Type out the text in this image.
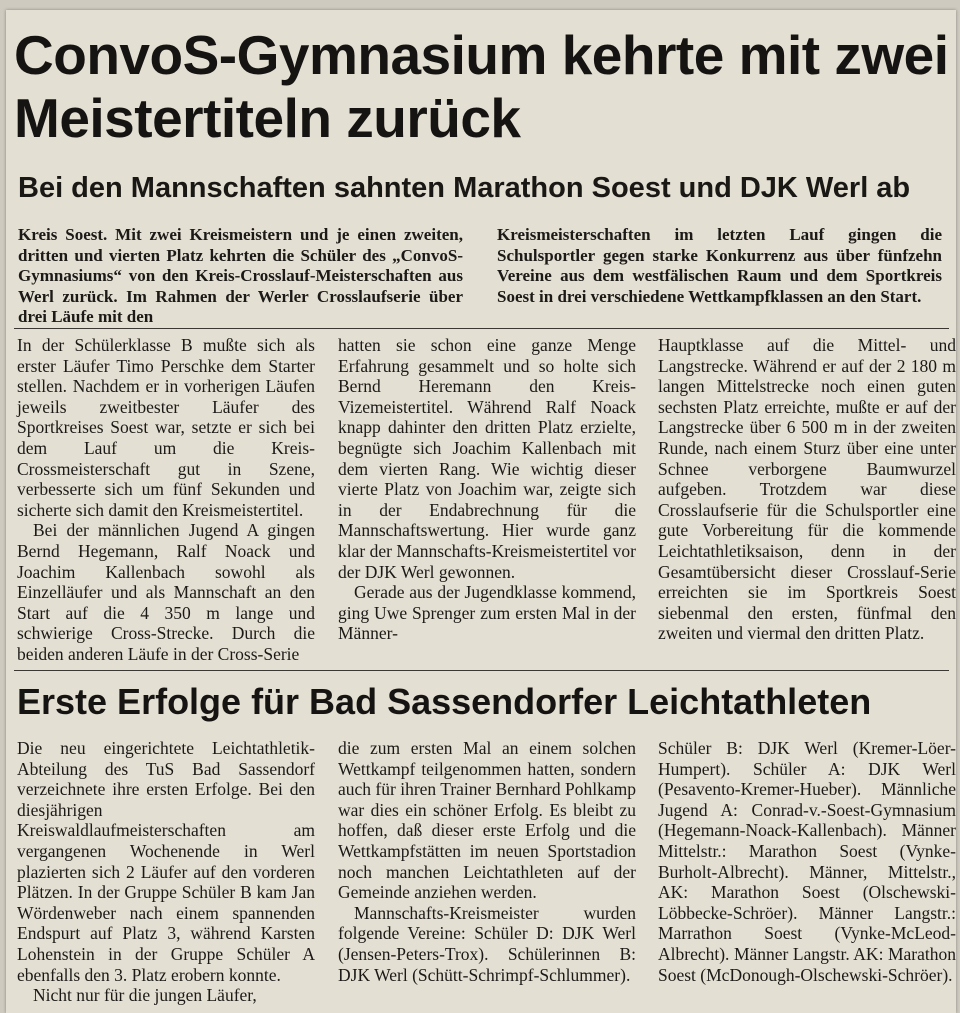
ConvoS-Gymnasium kehrte mit zwei Meistertiteln zurück
Bei den Mannschaften sahnten Marathon Soest und DJK Werl ab

Kreis Soest. Mit zwei Kreismeistern und je einen zweiten, dritten und vierten Platz kehrten die Schüler des „ConvoS-Gymnasiums“ von den Kreis-Crosslauf-Meisterschaften aus Werl zurück. Im Rahmen der Werler Crosslaufserie über drei Läufe mit den

Kreismeisterschaften im letzten Lauf gingen die Schulsportler gegen starke Konkurrenz aus über fünfzehn Vereine aus dem westfälischen Raum und dem Sportkreis Soest in drei verschiedene Wettkampfklassen an den Start.

In der Schülerklasse B mußte sich als erster Läufer Timo Perschke dem Starter stellen. Nachdem er in vorherigen Läufen jeweils zweitbester Läufer des Sportkreises Soest war, setzte er sich bei dem Lauf um die Kreis-Crossmeisterschaft gut in Szene, verbesserte sich um fünf Sekunden und sicherte sich damit den Kreismeistertitel.

Bei der männlichen Jugend A gingen Bernd Hegemann, Ralf Noack und Joachim Kallenbach sowohl als Einzelläufer und als Mannschaft an den Start auf die 4 350 m lange und schwierige Cross-Strecke. Durch die beiden anderen Läufe in der Cross-Serie

hatten sie schon eine ganze Menge Erfahrung gesammelt und so holte sich Bernd Heremann den Kreis-Vizemeistertitel. Während Ralf Noack knapp dahinter den dritten Platz erzielte, begnügte sich Joachim Kallenbach mit dem vierten Rang. Wie wichtig dieser vierte Platz von Joachim war, zeigte sich in der Endabrechnung für die Mannschaftswertung. Hier wurde ganz klar der Mannschafts-Kreismeistertitel vor der DJK Werl gewonnen.

Gerade aus der Jugendklasse kommend, ging Uwe Sprenger zum ersten Mal in der Männer-

Hauptklasse auf die Mittel- und Langstrecke. Während er auf der 2 180 m langen Mittelstrecke noch einen guten sechsten Platz erreichte, mußte er auf der Langstrecke über 6 500 m in der zweiten Runde, nach einem Sturz über eine unter Schnee verborgene Baumwurzel aufgeben. Trotzdem war diese Crosslaufserie für die Schulsportler eine gute Vorbereitung für die kommende Leichtathletiksaison, denn in der Gesamtübersicht dieser Crosslauf-Serie erreichten sie im Sportkreis Soest siebenmal den ersten, fünfmal den zweiten und viermal den dritten Platz.

Erste Erfolge für Bad Sassendorfer Leichtathleten

Die neu eingerichtete Leichtathletik-Abteilung des TuS Bad Sassendorf verzeichnete ihre ersten Erfolge. Bei den diesjährigen Kreiswaldlaufmeisterschaften am vergangenen Wochenende in Werl plazierten sich 2 Läufer auf den vorderen Plätzen. In der Gruppe Schüler B kam Jan Wördenweber nach einem spannenden Endspurt auf Platz 3, während Karsten Lohenstein in der Gruppe Schüler A ebenfalls den 3. Platz erobern konnte.

Nicht nur für die jungen Läufer,

die zum ersten Mal an einem solchen Wettkampf teilgenommen hatten, sondern auch für ihren Trainer Bernhard Pohlkamp war dies ein schöner Erfolg. Es bleibt zu hoffen, daß dieser erste Erfolg und die Wettkampfstätten im neuen Sportstadion noch manchen Leichtathleten auf der Gemeinde anziehen werden.

Mannschafts-Kreismeister wurden folgende Vereine: Schüler D: DJK Werl (Jensen-Peters-Trox). Schülerinnen B: DJK Werl (Schütt-Schrimpf-Schlummer).

Schüler B: DJK Werl (Kremer-Löer-Humpert). Schüler A: DJK Werl (Pesavento-Kremer-Hueber). Männliche Jugend A: Conrad-v.-Soest-Gymnasium (Hegemann-Noack-Kallenbach). Männer Mittelstr.: Marathon Soest (Vynke-Burholt-Albrecht). Männer, Mittelstr., AK: Marathon Soest (Olschewski-Löbbecke-Schröer). Männer Langstr.: Marrathon Soest (Vynke-McLeod-Albrecht). Männer Langstr. AK: Marathon Soest (McDonough-Olschewski-Schröer).
